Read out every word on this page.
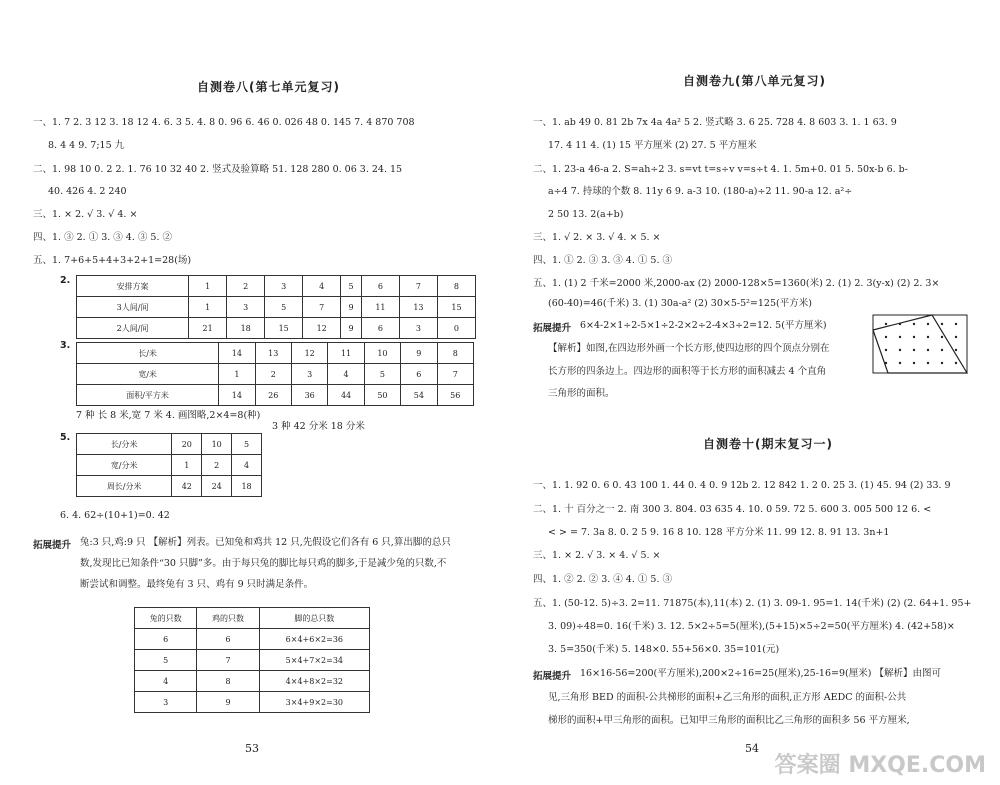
自测卷八(第七单元复习)
一、1. 7 2. 3 12 3. 18 12 4. 6. 3 5. 4. 8 0. 96 6. 46 0. 026 48 0. 145 7. 4 870 708
8. 4 4 9. 7;15 九
二、1. 98 10 0. 2 2. 1. 76 10 32 40 2. 竖式及验算略 51. 128 280 0. 06 3. 24. 15
40. 426 4. 2 240
三、1. × 2. √ 3. √ 4. ×
四、1. ③ 2. ① 3. ③ 4. ③ 5. ②
五、1. 7+6+5+4+3+2+1=28(场)
2.	安排方案	1	2	3	4	5	6	7	8
3人间/间	1	3	5	7	9	11	13	15
2人间/间	21	18	15	12	9	6	3	0
3.
长/米	14	13	12	11	10	9	8
宽/米	1	2	3	4	5	6	7
面积/平方米	14	26	36	44	50	54	56
7 种 长 8 米,宽 7 米 4. 画图略,2×4=8(种)
3 种 42 分米 18 分米
5.
长/分米	20	10	5
宽/分米	1	2	4
周长/分米	42	24	18
6. 4. 62÷(10+1)=0. 42
拓展提升 兔:3 只,鸡:9 只 【解析】列表。已知兔和鸡共 12 只,先假设它们各有 6 只,算出脚的总只
数,发现比已知条件“30 只脚”多。由于每只兔的脚比每只鸡的脚多,于是减少兔的只数,不
断尝试和调整。最终兔有 3 只、鸡有 9 只时满足条件。
兔的只数	鸡的只数	脚的总只数
6	6	6×4+6×2=36
5	7	5×4+7×2=34
4	8	4×4+8×2=32
3	9	3×4+9×2=30
53
自测卷九(第八单元复习)
一、1. ab 49 0. 81 2b 7x 4a 4a² 5 2. 竖式略 3. 6 25. 728 4. 8 603 3. 1. 1 63. 9
17. 4 11 4. (1) 15 平方厘米 (2) 27. 5 平方厘米
二、1. 23-a 46-a 2. S=ah÷2 3. s=vt t=s÷v v=s÷t 4. 1. 5m+0. 01 5. 50x-b 6. b-
a÷4 7. 持球的个数 8. 11y 6 9. a-3 10. (180-a)÷2 11. 90-a 12. a²÷
2 50 13. 2(a+b)
三、1. √ 2. × 3. √ 4. × 5. ×
四、1. ① 2. ③ 3. ③ 4. ① 5. ③
五、1. (1) 2 千米=2000 米,2000-ax (2) 2000-128×5=1360(米) 2. (1) 2. 3(y-x) (2) 2. 3×
(60-40)=46(千米) 3. (1) 30a-a² (2) 30×5-5²=125(平方米)
拓展提升 6×4-2×1÷2-5×1÷2-2×2÷2-4×3÷2=12. 5(平方厘米)
【解析】如图,在四边形外画一个长方形,使四边形的四个顶点分别在
长方形的四条边上。四边形的面积等于长方形的面积减去 4 个直角
三角形的面积。
自测卷十(期末复习一)
一、1. 1. 92 0. 6 0. 43 100 1. 44 0. 4 0. 9 12b 2. 12 842 1. 2 0. 25 3. (1) 45. 94 (2) 33. 9
二、1. 十 百分之一 2. 南 300 3. 804. 03 635 4. 10. 0 59. 72 5. 600 3. 005 500 12 6. <
< > = 7. 3a 8. 0. 2 5 9. 16 8 10. 128 平方分米 11. 99 12. 8. 91 13. 3n+1
三、1. × 2. √ 3. × 4. √ 5. ×
四、1. ② 2. ② 3. ④ 4. ① 5. ③
五、1. (50-12. 5)÷3. 2=11. 71875(本),11(本) 2. (1) 3. 09-1. 95=1. 14(千米) (2) (2. 64+1. 95+
3. 09)÷48=0. 16(千米) 3. 12. 5×2÷5=5(厘米),(5+15)×5÷2=50(平方厘米) 4. (42+58)×
3. 5=350(千米) 5. 148×0. 55+56×0. 35=101(元)
拓展提升 16×16-56=200(平方厘米),200×2÷16=25(厘米),25-16=9(厘米) 【解析】由图可
见,三角形 BED 的面积-公共梯形的面积+乙三角形的面积,正方形 AEDC 的面积-公共
梯形的面积+甲三角形的面积。已知甲三角形的面积比乙三角形的面积多 56 平方厘米,
54
答案圈 MXQE.COM
